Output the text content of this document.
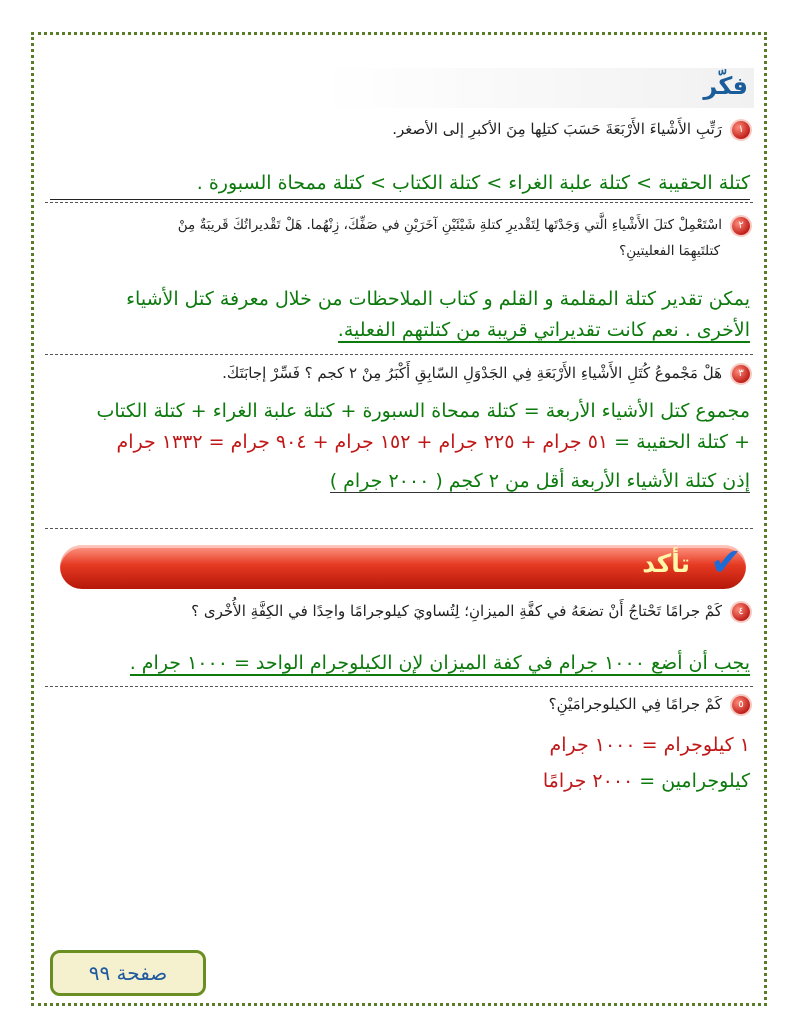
فكّر
١رَتِّبِ الأَشْياءَ الأَرْبَعَةَ حَسَبَ كتلِها مِنَ الأكبرِ إلى الأصغر.
كتلة الحقيبة > كتلة علبة الغراء > كتلة الكتاب > كتلة ممحاة السبورة .
٢اسْتَعْمِلْ كتلَ الأَشْياءِ الَّتي وَجَدْتَها لِتَقْديرِ كتلةِ شَيْئَيْنِ آخَرَيْنِ في صَفِّكَ، زِنْهُما. هَلْ تَقْديراتُكَ قَريبَةٌ مِنْ
كتلتَيهِمَا الفعليتينِ؟
يمكن تقدير كتلة المقلمة و القلم و كتاب الملاحظات من خلال معرفة كتل الأشياء
الأخرى . نعم كانت تقديراتي قريبة من كتلتهم الفعلية.
٣هَلْ مَجْموعُ كُتَلِ الأَشْياءِ الأَرْبَعَةِ فِي الجَدْوَلِ السّابِقِ أَكْبَرُ مِنْ ٢ كجم ؟ فَسِّرْ إجابَتَكَ.
مجموع كتل الأشياء الأربعة = كتلة ممحاة السبورة + كتلة علبة الغراء + كتلة الكتاب
+ كتلة الحقيبة = ٥١ جرام + ٢٢٥ جرام + ١٥٢ جرام + ٩٠٤ جرام = ١٣٣٢ جرام
إذن كتلة الأشياء الأربعة أقل من ٢ كجم ( ٢٠٠٠ جرام )
تأكد ✔
٤كَمْ جرامًا تَحْتاجُ أَنْ تضعَهُ في كفَّةِ الميزانِ؛ لِتُساويَ كيلوجرامًا واحِدًا في الكِفَّةِ الأُخْرى ؟
يجب أن أضع ١٠٠٠ جرام في كفة الميزان لإن الكيلوجرام الواحد = ١٠٠٠ جرام .
٥كَمْ جرامًا فِي الكيلوجرامَيْنِ؟
١ كيلوجرام = ١٠٠٠ جرام
كيلوجرامين = ٢٠٠٠ جرامًا
صفحة ٩٩
